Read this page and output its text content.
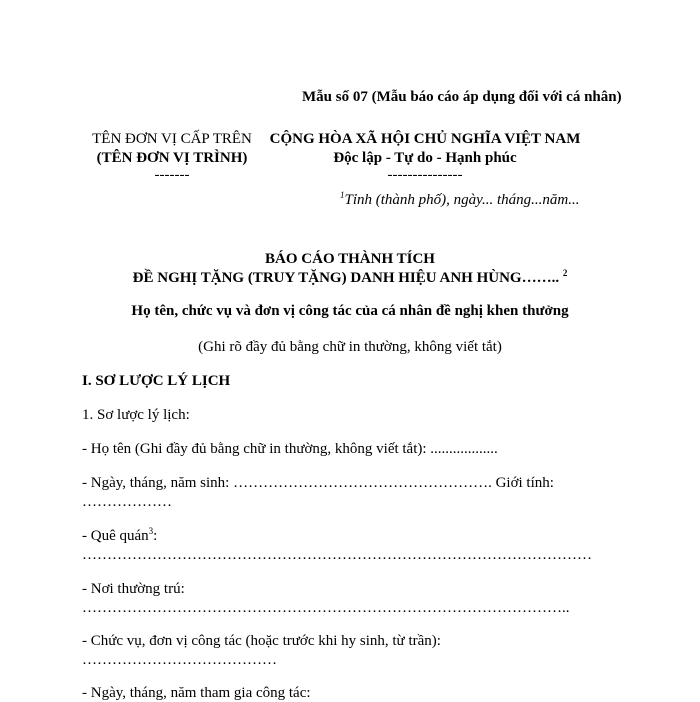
Mẫu số 07 (Mẫu báo cáo áp dụng đối với cá nhân)
TÊN ĐƠN VỊ CẤP TRÊN
(TÊN ĐƠN VỊ TRÌNH)
-------
CỘNG HÒA XÃ HỘI CHỦ NGHĨA VIỆT NAM
Độc lập - Tự do - Hạnh phúc
---------------
$^1$Tỉnh (thành phố), ngày... tháng...năm...
BÁO CÁO THÀNH TÍCH
ĐỀ NGHỊ TẶNG (TRUY TẶNG) DANH HIỆU ANH HÙNG…….. $^2$
Họ tên, chức vụ và đơn vị công tác của cá nhân đề nghị khen thưởng
(Ghi rõ đầy đủ bằng chữ in thường, không viết tắt)
I. SƠ LƯỢC LÝ LỊCH
1. Sơ lược lý lịch:
- Họ tên (Ghi đầy đủ bằng chữ in thường, không viết tắt): ..................
- Ngày, tháng, năm sinh: ……………………………………………. Giới tính:
………………
- Quê quán$^3$:
…………………………………………………………………………………………
- Nơi thường trú:
……………………………………………………………………………………..
- Chức vụ, đơn vị công tác (hoặc trước khi hy sinh, từ trần):
…………………………………
- Ngày, tháng, năm tham gia công tác:
